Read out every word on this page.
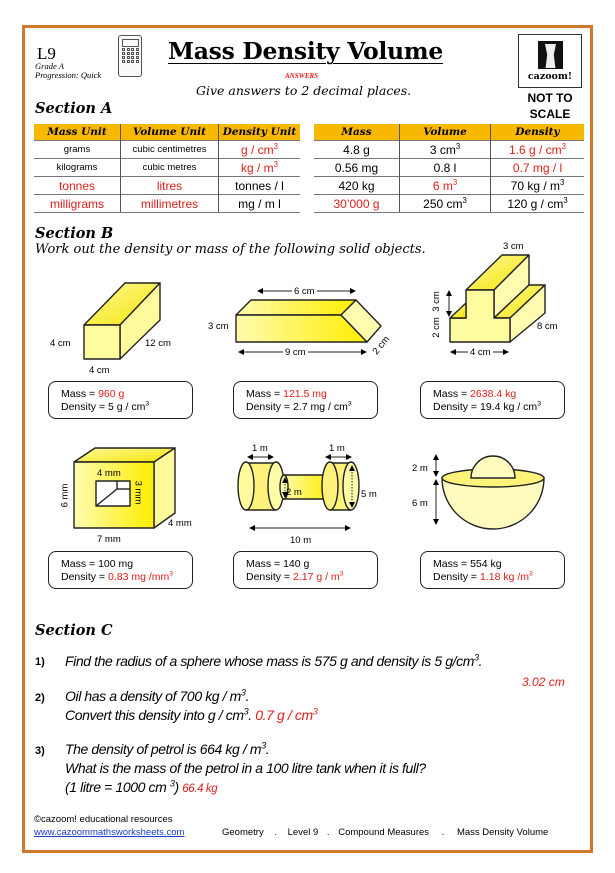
L9
Grade A
Progression: Quick
Mass Density Volume
ANSWERS
Give answers to 2 decimal places.
cazoom!
NOT TO
SCALE
Section A
Mass Unit	Volume Unit	Density Unit
grams	cubic centimetres	g / $cm^3$
kilograms	cubic metres	kg / $m^3$
tonnes	litres	tonnes / l
milligrams	millimetres	mg / m l
Mass	Volume	Density
4.8 g	3 $cm^3$	1.6 g / $cm^3$
0.56 mg	0.8 l	0.7 mg / l
420 kg	6 $m^3$	70 kg / $m^3$
30’000 g	250 $cm^3$	120 g / $cm^3$
Section B
Work out the density or mass of the following solid objects.
4 cm	12 cm
4 cm
6 cm
3 cm
9 cm	2 cm
3 cm
3 cm
2 cm	8 cm
4 cm
4 mm
3 mm
6 mm
4 mm
7 mm
1 m	1 m
2 m	5 m
10 m
2 m
6 m
Mass = 960 g
Density = 5 g / $cm^3$
Mass = 121.5 mg
Density = 2.7 mg / $cm^3$
Mass = 2638.4 kg
Density = 19.4 kg / $cm^3$
Mass = 100 mg
Density = 0.83 mg $/mm^3$
Mass = 140 g
Density = 2.17 g / $m^3$
Mass = 554 kg
Density = 1.18 kg $/m^3$
Section C
1) Find the radius of a sphere whose mass is 575 g and density is 5 $g/cm^3$.
3.02 cm
2) Oil has a density of 700 kg / $m^3$.
Convert this density into g / $cm^3$. 0.7 g / $cm^3$
3) The density of petrol is 664 kg / $m^3$.
What is the mass of the petrol in a 100 litre tank when it is full?
(1 litre = 1000 cm $^3$) 66.4 kg
©cazoom! educational resources
www.cazoommathsworksheets.com	Geometry . Level 9 . Compound Measures . Mass Density Volume
